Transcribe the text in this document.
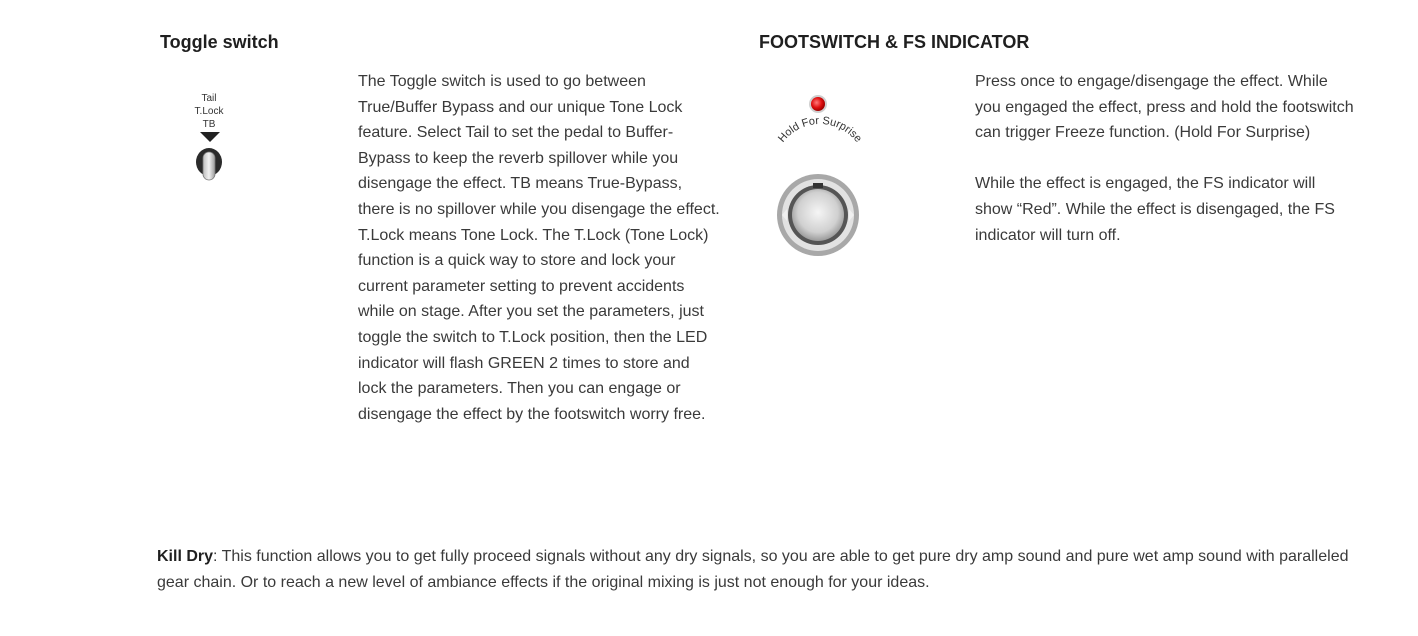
Toggle switch
Tail
T.Lock
TB

The Toggle switch is used to go between True/Buffer Bypass and our unique Tone Lock feature. Select Tail to set the pedal to Buffer-Bypass to keep the reverb spillover while you disengage the effect. TB means True-Bypass, there is no spillover while you disengage the effect. T.Lock means Tone Lock. The T.Lock (Tone Lock) function is a quick way to store and lock your current parameter setting to prevent accidents while on stage. After you set the parameters, just toggle the switch to T.Lock position, then the LED indicator will flash GREEN 2 times to store and lock the parameters. Then you can engage or disengage the effect by the footswitch worry free.

FOOTSWITCH & FS INDICATOR
Hold For Surprise

Press once to engage/disengage the effect. While you engaged the effect, press and hold the footswitch can trigger Freeze function. (Hold For Surprise)

While the effect is engaged, the FS indicator will show “Red”. While the effect is disengaged, the FS indicator will turn off.

Kill Dry: This function allows you to get fully proceed signals without any dry signals, so you are able to get pure dry amp sound and pure wet amp sound with paralleled gear chain. Or to reach a new level of ambiance effects if the original mixing is just not enough for your ideas.
